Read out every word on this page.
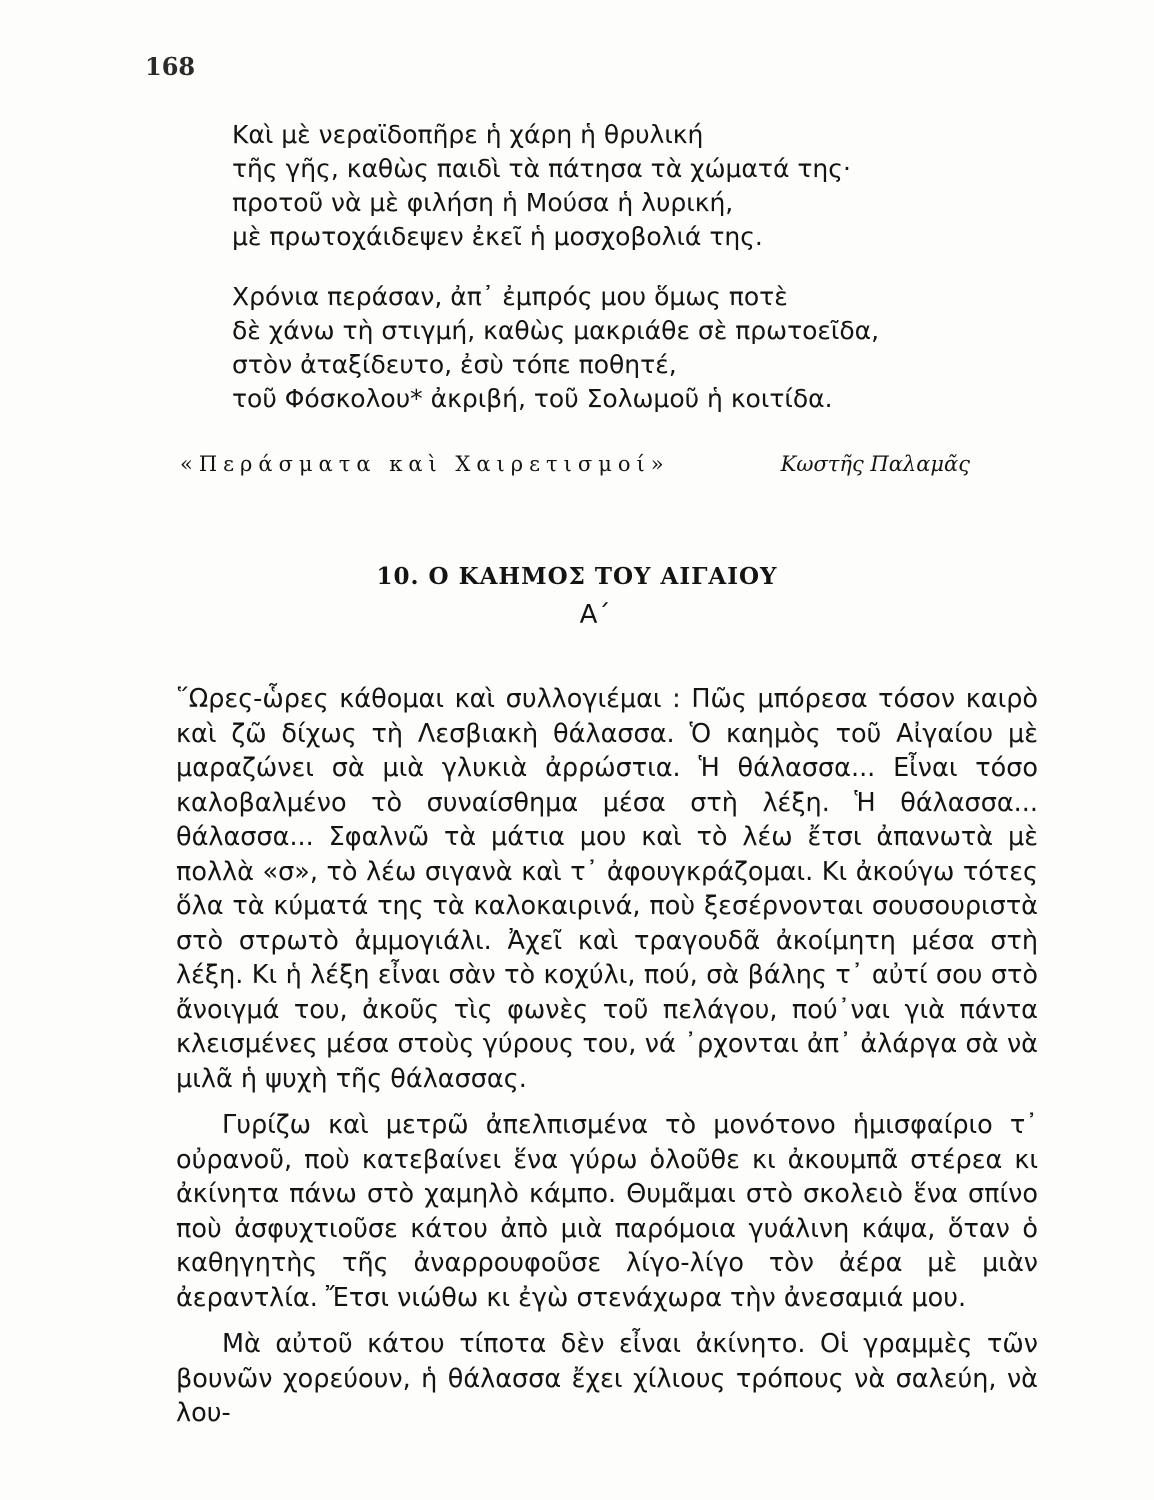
168
Καὶ μὲ νεραϊδοπῆρε ἡ χάρη ἡ θρυλική
τῆς γῆς, καθὼς παιδὶ τὰ πάτησα τὰ χώματά της·
προτοῦ νὰ μὲ φιλήση ἡ Μούσα ἡ λυρική,
μὲ πρωτοχάιδεψεν ἐκεῖ ἡ μοσχοβολιά της.
Χρόνια περάσαν, ἀπ᾽ ἐμπρός μου ὅμως ποτὲ
δὲ χάνω τὴ στιγμή, καθὼς μακριάθε σὲ πρωτοεῖδα,
στὸν ἀταξίδευτο, ἐσὺ τόπε ποθητέ,
τοῦ Φόσκολου* ἀκριβή, τοῦ Σολωμοῦ ἡ κοιτίδα.
«Περάσματα καὶ Χαιρετισμοί»	Κωστῆς Παλαμᾶς
10. Ο ΚΑΗΜΟΣ ΤΟΥ ΑΙΓΑΙΟΥ
Α΄

῞Ωρες-ὧρες κάθομαι καὶ συλλογιέμαι : Πῶς μπόρεσα τόσον καιρὸ καὶ ζῶ δίχως τὴ Λεσβιακὴ θάλασσα. Ὁ καημὸς τοῦ Αἰγαίου μὲ μαραζώνει σὰ μιὰ γλυκιὰ ἀρρώστια. Ἡ θάλασσα... Εἶναι τόσο καλοβαλμένο τὸ συναίσθημα μέσα στὴ λέξη. Ἡ θάλασσα... θάλασσα... Σφαλνῶ τὰ μάτια μου καὶ τὸ λέω ἔτσι ἀπανωτὰ μὲ πολλὰ «σ», τὸ λέω σιγανὰ καὶ τ᾽ ἀφουγκράζομαι. Κι ἀκούγω τότες ὅλα τὰ κύματά της τὰ καλοκαιρινά, ποὺ ξεσέρνονται σουσουριστὰ στὸ στρωτὸ ἀμμογιάλι. Ἀχεῖ καὶ τραγουδᾶ ἀκοίμητη μέσα στὴ λέξη. Κι ἡ λέξη εἶναι σὰν τὸ κοχύλι, πού, σὰ βάλης τ᾽ αὐτί σου στὸ ἄνοιγμά του, ἀκοῦς τὶς φωνὲς τοῦ πελάγου, πού᾽ναι γιὰ πάντα κλεισμένες μέσα στοὺς γύρους του, νά ᾽ρχονται ἀπ᾽ ἀλάργα σὰ νὰ μιλᾶ ἡ ψυχὴ τῆς θάλασσας.

Γυρίζω καὶ μετρῶ ἀπελπισμένα τὸ μονότονο ἡμισφαίριο τ᾽ οὐρανοῦ, ποὺ κατεβαίνει ἕνα γύρω ὁλοῦθε κι ἀκουμπᾶ στέρεα κι ἀκίνητα πάνω στὸ χαμηλὸ κάμπο. Θυμᾶμαι στὸ σκολειὸ ἕνα σπίνο ποὺ ἀσφυχτιοῦσε κάτου ἀπὸ μιὰ παρόμοια γυάλινη κάψα, ὅταν ὁ καθηγητὴς τῆς ἀναρρουφοῦσε λίγο-λίγο τὸν ἀέρα μὲ μιὰν ἀεραντλία. Ἔτσι νιώθω κι ἐγὼ στενάχωρα τὴν ἀνεσαμιά μου.

Μὰ αὐτοῦ κάτου τίποτα δὲν εἶναι ἀκίνητο. Οἱ γραμμὲς τῶν βουνῶν χορεύουν, ἡ θάλασσα ἔχει χίλιους τρόπους νὰ σαλεύη, νὰ λου-
